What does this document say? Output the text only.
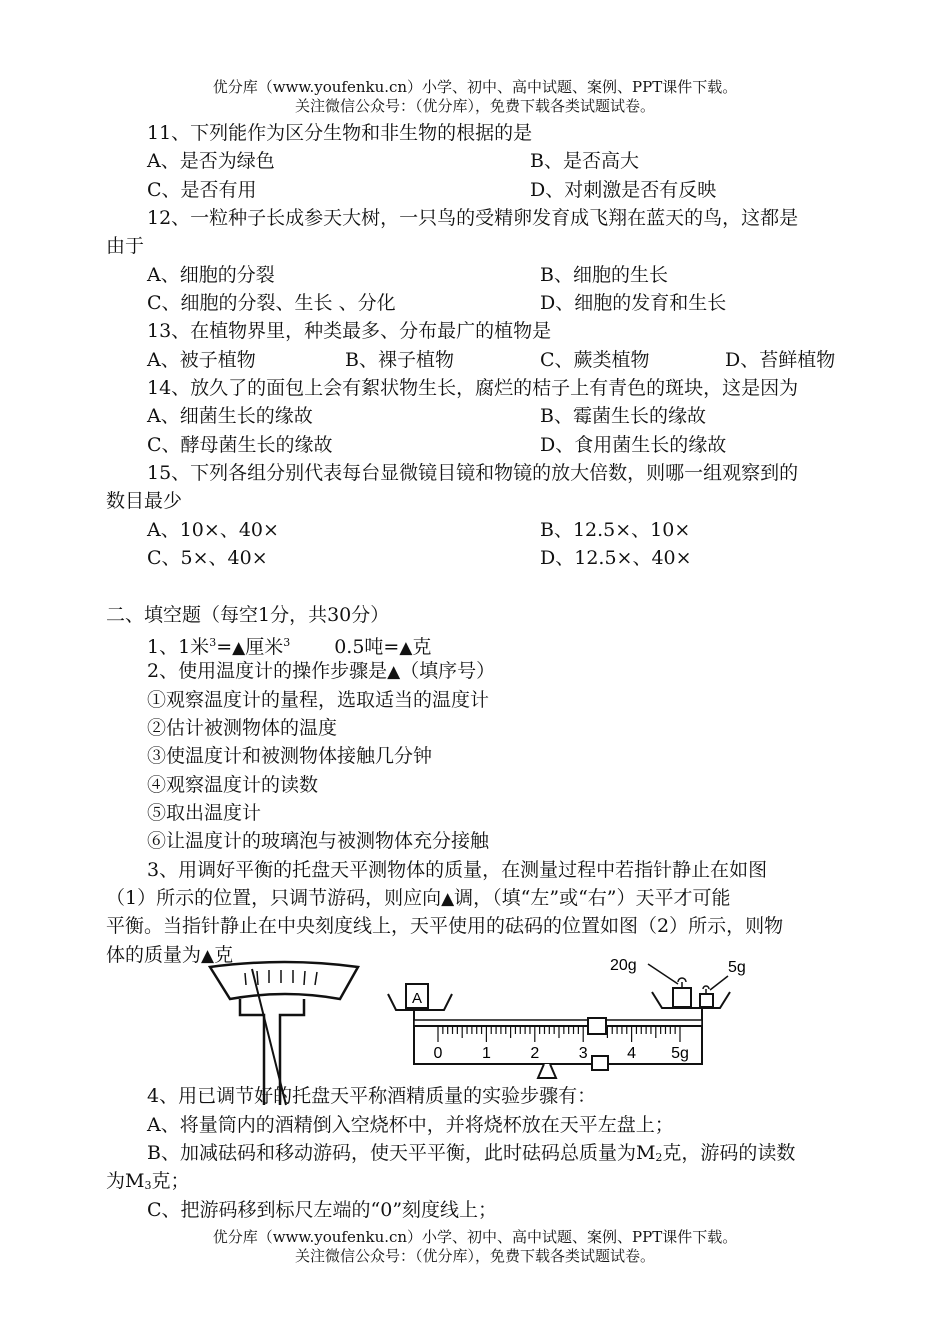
优分库（www.youfenku.cn）小学、初中、高中试题、案例、PPT课件下载。
关注微信公众号：（优分库），免费下载各类试题试卷。
11、下列能作为区分生物和非生物的根据的是
A、是否为绿色	B、是否高大
C、是否有用	D、对刺激是否有反映
12、一粒种子长成参天大树，一只鸟的受精卵发育成飞翔在蓝天的鸟，这都是
由于
A、细胞的分裂	B、细胞的生长
C、细胞的分裂、生长 、分化	D、细胞的发育和生长
13、在植物界里，种类最多、分布最广的植物是
A、被子植物	B、裸子植物	C、蕨类植物	D、苔鲜植物
14、放久了的面包上会有絮状物生长，腐烂的桔子上有青色的斑块，这是因为
A、细菌生长的缘故	B、霉菌生长的缘故
C、酵母菌生长的缘故	D、食用菌生长的缘故
15、下列各组分别代表每台显微镜目镜和物镜的放大倍数，则哪一组观察到的
数目最少
A、10×、40×	B、12.5×、10×
C、5×、40×	D、12.5×、40×
二、填空题（每空1分，共30分）
1、1米$^3$=▲厘米$^3$ 0.5吨=▲克
2、使用温度计的操作步骤是▲（填序号）
①观察温度计的量程，选取适当的温度计
②估计被测物体的温度
③使温度计和被测物体接触几分钟
④观察温度计的读数
⑤取出温度计
⑥让温度计的玻璃泡与被测物体充分接触
3、用调好平衡的托盘天平测物体的质量，在测量过程中若指针静止在如图
（1）所示的位置，只调节游码，则应向▲调，（填“左”或“右”）天平才可能
平衡。当指针静止在中央刻度线上，天平使用的砝码的位置如图（2）所示，则物
体的质量为▲克
A
20g	5g
0 1 2 3 4 5g
4、用已调节好的托盘天平称酒精质量的实验步骤有：
A、将量筒内的酒精倒入空烧杯中，并将烧杯放在天平左盘上；
B、加减砝码和移动游码，使天平平衡，此时砝码总质量为$M_2$克，游码的读数
为$M_3$克；
C、把游码移到标尺左端的“0”刻度线上；
优分库（www.youfenku.cn）小学、初中、高中试题、案例、PPT课件下载。
关注微信公众号：（优分库），免费下载各类试题试卷。
